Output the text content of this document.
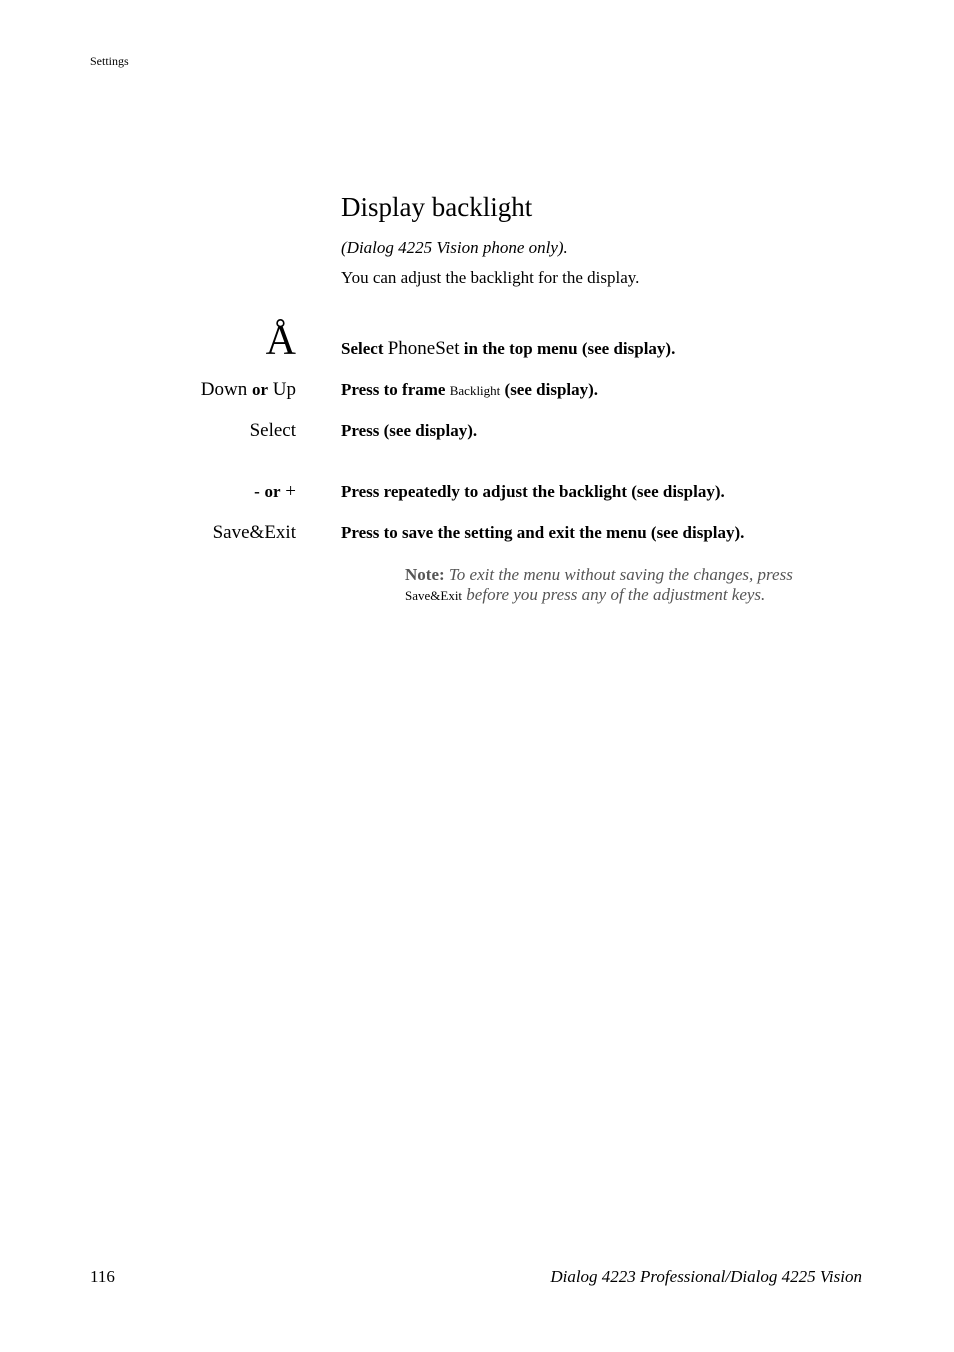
Settings
Display backlight
(Dialog 4225 Vision phone only).
You can adjust the backlight for the display.
Å
Down or Up
Select
- or +
Save&Exit
Select PhoneSet in the top menu (see display).
Press to frame Backlight (see display).
Press (see display).
Press repeatedly to adjust the backlight (see display).
Press to save the setting and exit the menu (see display).
Note: To exit the menu without saving the changes, press Save&Exit before you press any of the adjustment keys.
116	Dialog 4223 Professional/Dialog 4225 Vision
